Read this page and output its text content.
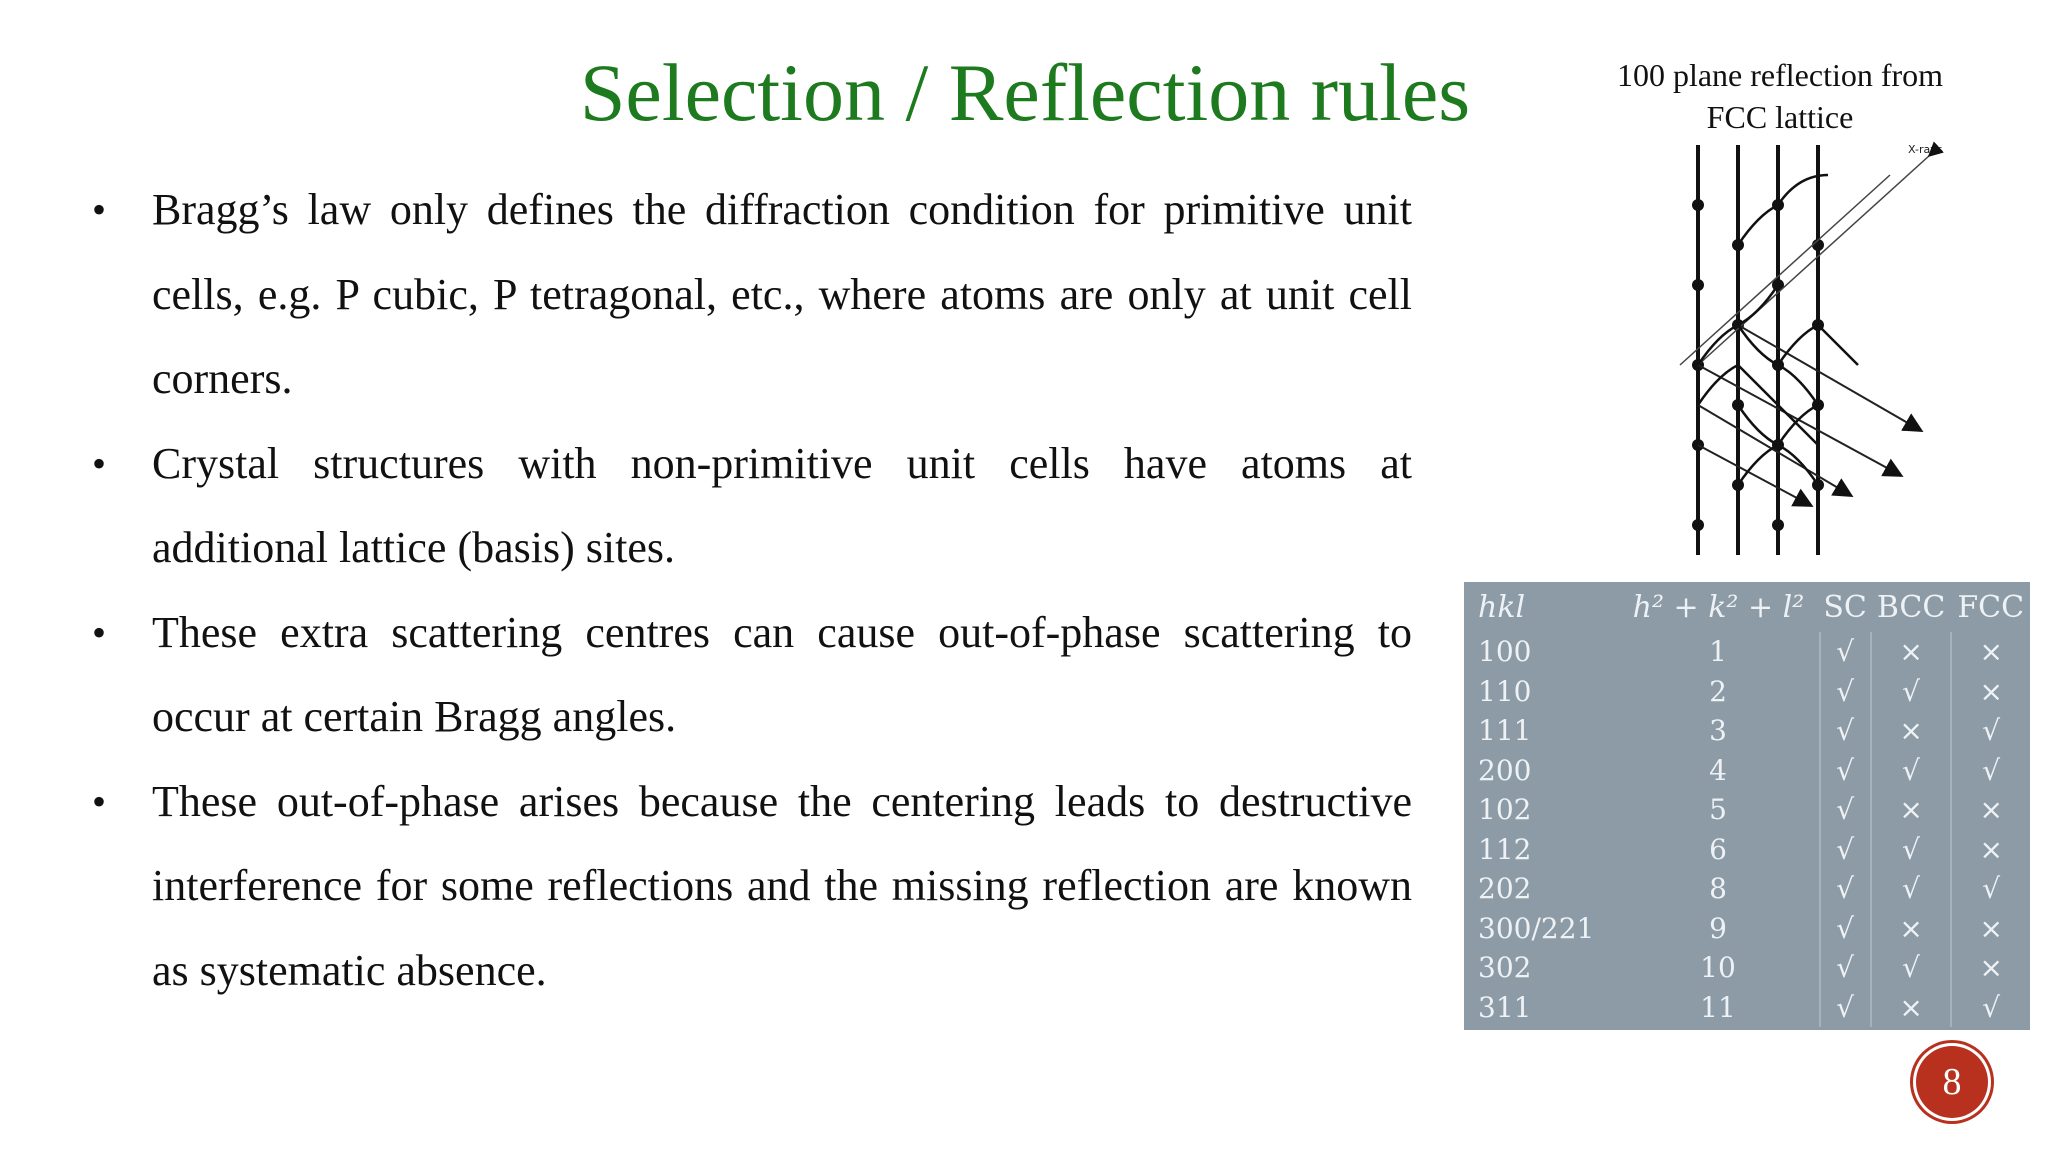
Selection / Reflection rules	100 plane reflection from
FCC lattice
• Bragg’s law only defines the diffraction condition for primitive unit cells, e.g. P cubic, P tetragonal, etc., where atoms are only at unit cell corners.
• Crystal structures with non-primitive unit cells have atoms at additional lattice (basis) sites.
• These extra scattering centres can cause out-of-phase scattering to occur at certain Bragg angles.
• These out-of-phase arises because the centering leads to destructive interference for some reflections and the missing reflection are known as systematic absence.
X-rays
hkl	h² + k² + l²	SC	BCC	FCC
100	1	√	×	×
110	2	√	√	×
111	3	√	×	√
200	4	√	√	√
102	5	√	×	×
112	6	√	√	×
202	8	√	√	√
300/221	9	√	×	×
302	10	√	√	×
311	11	√	×	√
8
